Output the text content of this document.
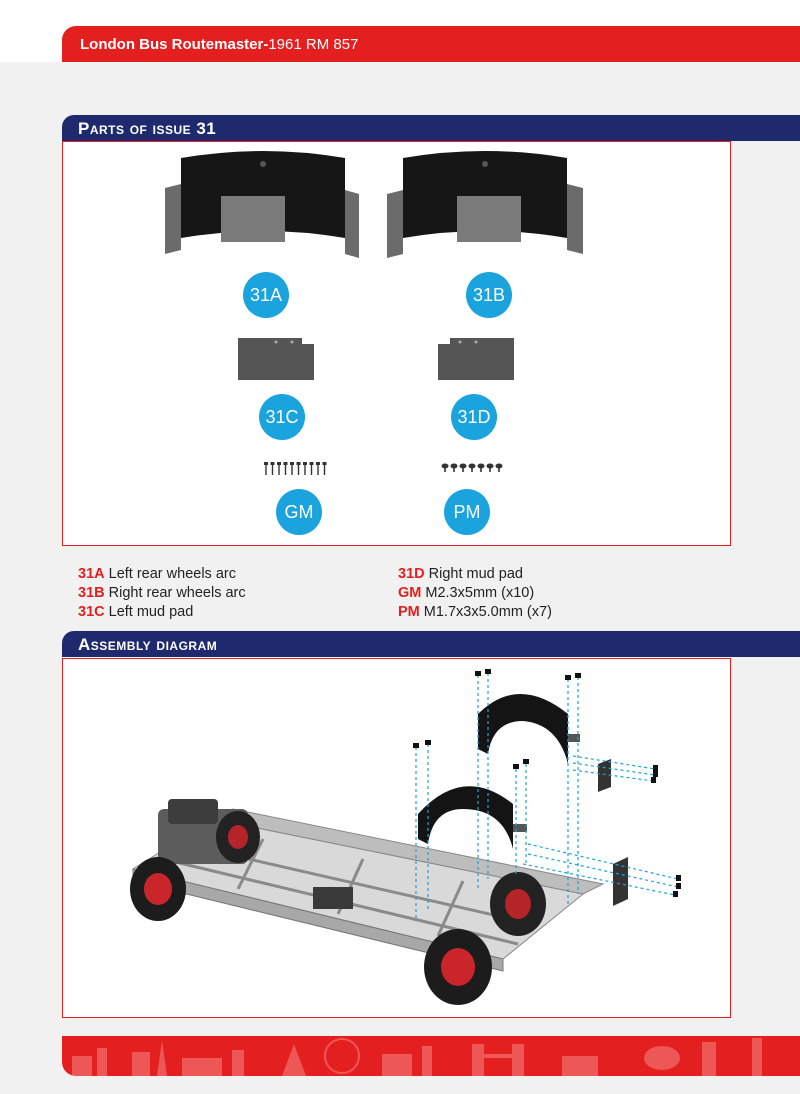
London Bus Routemaster- 1961 RM 857
Parts of issue 31
31A	31B
31C	31D
GM	PM
31A Left rear wheels arc
31B Right rear wheels arc
31C Left mud pad
31D Right mud pad
GM M2.3x5mm (x10)
PM M1.7x3x5.0mm (x7)
Assembly diagram
